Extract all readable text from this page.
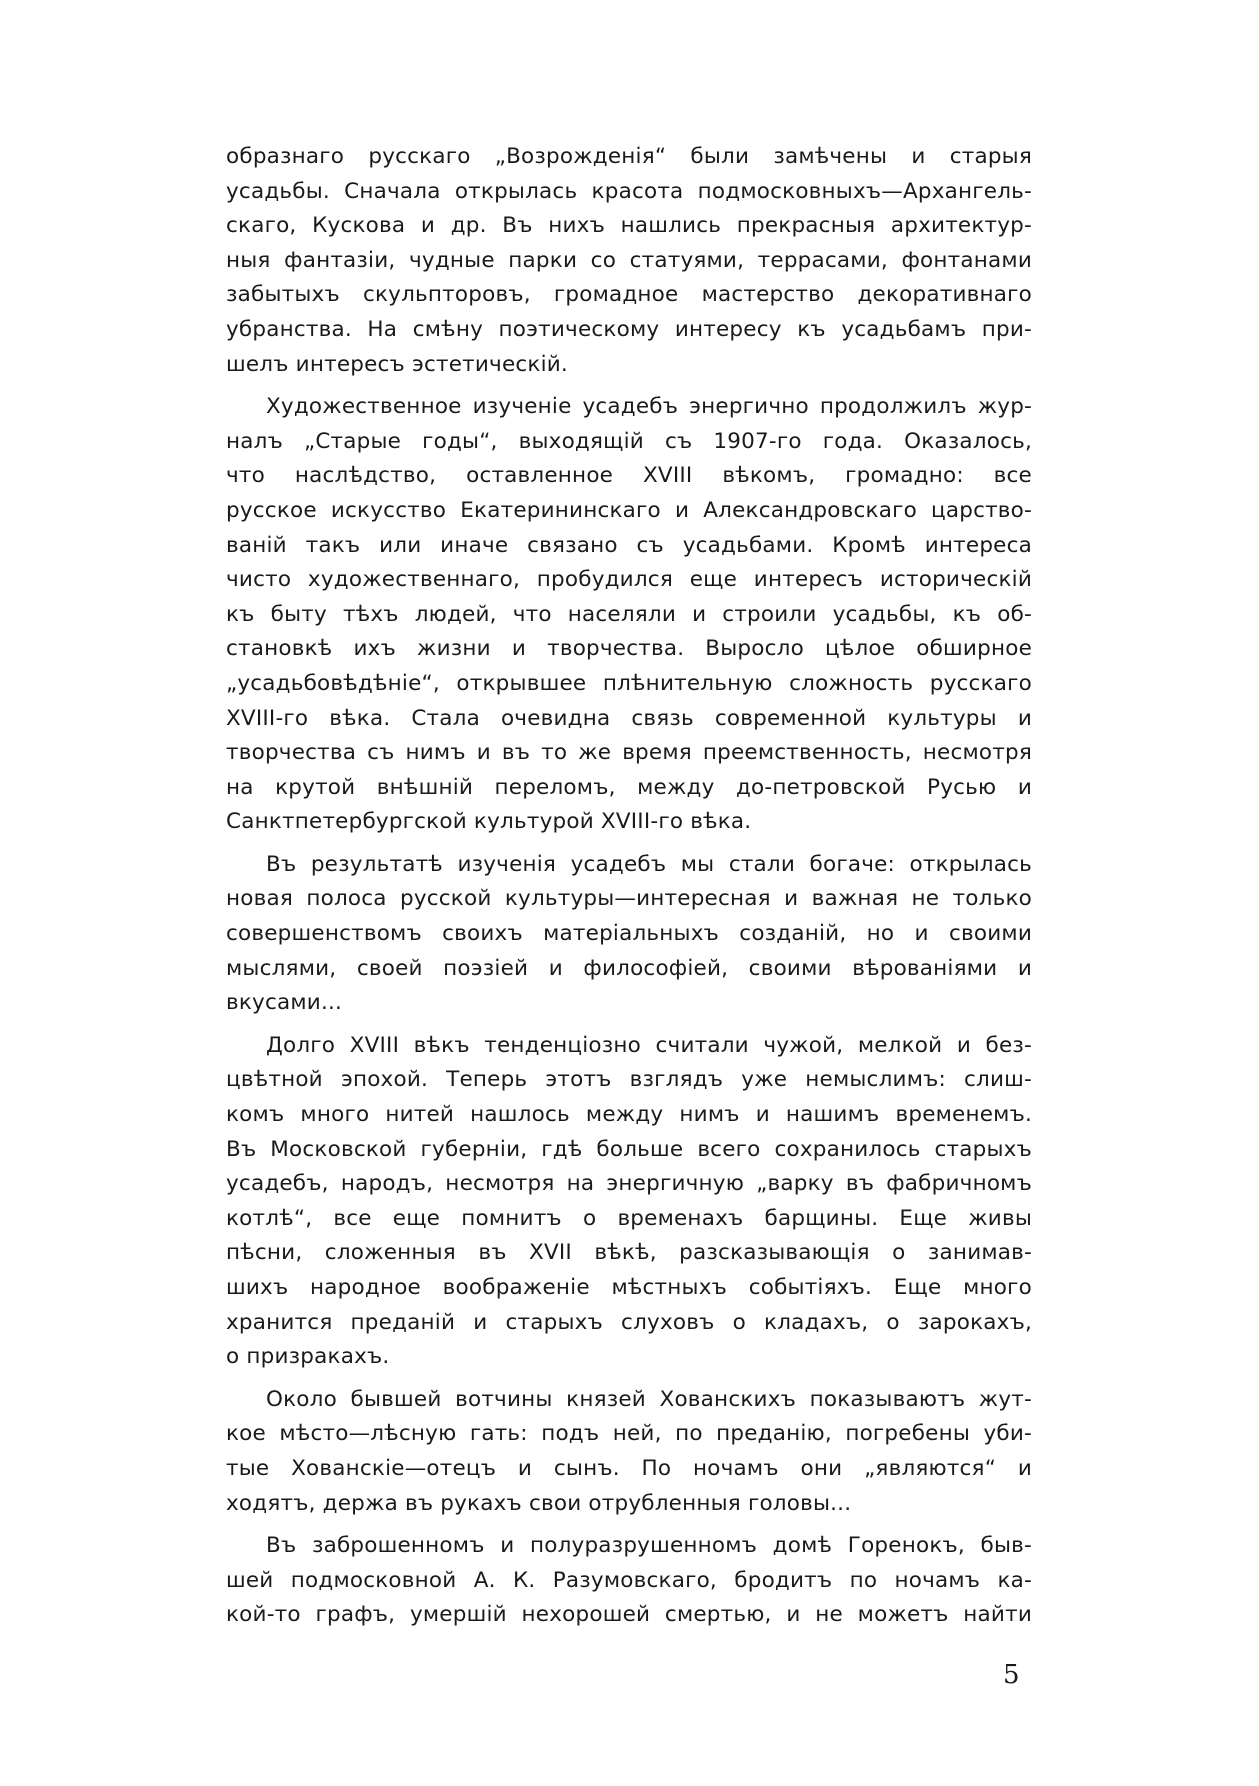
образнаго русскаго „Возрожденія“ были замѣчены и старыя
усадьбы. Сначала открылась красота подмосковныхъ—Архангель-
скаго, Кускова и др. Въ нихъ нашлись прекрасныя архитектур-
ныя фантазіи, чудные парки со статуями, террасами, фонтанами
забытыхъ скульпторовъ, громадное мастерство декоративнаго
убранства. На смѣну поэтическому интересу къ усадьбамъ при-
шелъ интересъ эстетическій.
Художественное изученіе усадебъ энергично продолжилъ жур-
налъ „Старые годы“, выходящій съ 1907-го года. Оказалось,
что наслѣдство, оставленное XVIII вѣкомъ, громадно: все
русское искусство Екатерининскаго и Александровскаго царство-
ваній такъ или иначе связано съ усадьбами. Кромѣ интереса
чисто художественнаго, пробудился еще интересъ историческій
къ быту тѣхъ людей, что населяли и строили усадьбы, къ об-
становкѣ ихъ жизни и творчества. Выросло цѣлое обширное
„усадьбовѣдѣніе“, открывшее плѣнительную сложность русскаго
XVIII-го вѣка. Стала очевидна связь современной культуры и
творчества съ нимъ и въ то же время преемственность, несмотря
на крутой внѣшній переломъ, между до-петровской Русью и
Санктпетербургской культурой XVIII-го вѣка.
Въ результатѣ изученія усадебъ мы стали богаче: открылась
новая полоса русской культуры—интересная и важная не только
совершенствомъ своихъ матеріальныхъ созданій, но и своими
мыслями, своей поэзіей и философіей, своими вѣрованіями и
вкусами...
Долго XVIII вѣкъ тенденціозно считали чужой, мелкой и без-
цвѣтной эпохой. Теперь этотъ взглядъ уже немыслимъ: слиш-
комъ много нитей нашлось между нимъ и нашимъ временемъ.
Въ Московской губерніи, гдѣ больше всего сохранилось старыхъ
усадебъ, народъ, несмотря на энергичную „варку въ фабричномъ
котлѣ“, все еще помнитъ о временахъ барщины. Еще живы
пѣсни, сложенныя въ XVII вѣкѣ, разсказывающія о занимав-
шихъ народное воображеніе мѣстныхъ событіяхъ. Еще много
хранится преданій и старыхъ слуховъ о кладахъ, о зарокахъ,
о призракахъ.
Около бывшей вотчины князей Хованскихъ показываютъ жут-
кое мѣсто—лѣсную гать: подъ ней, по преданію, погребены уби-
тые Хованскіе—отецъ и сынъ. По ночамъ они „являются“ и
ходятъ, держа въ рукахъ свои отрубленныя головы...
Въ заброшенномъ и полуразрушенномъ домѣ Горенокъ, быв-
шей подмосковной А. К. Разумовскаго, бродитъ по ночамъ ка-
кой-то графъ, умершій нехорошей смертью, и не можетъ найти
5
